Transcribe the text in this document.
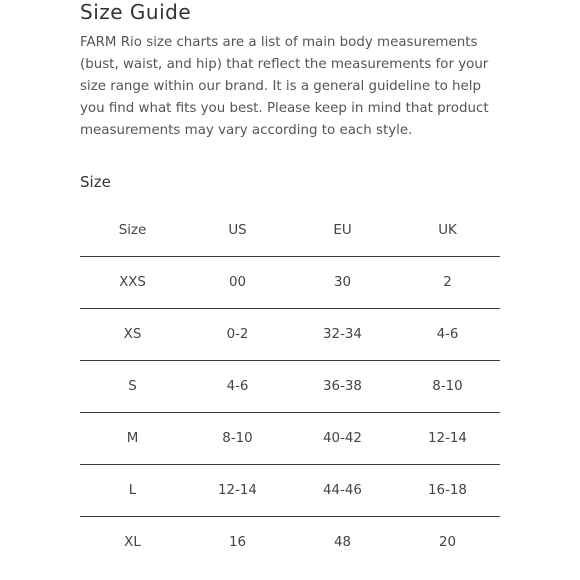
Size Guide

FARM Rio size charts are a list of main body measurements (bust, waist, and hip) that reflect the measurements for your size range within our brand. It is a general guideline to help you find what fits you best. Please keep in mind that product measurements may vary according to each style.

Size
Size	US	EU	UK
XXS	00	30	2
XS	0-2	32-34	4-6
S	4-6	36-38	8-10
M	8-10	40-42	12-14
L	12-14	44-46	16-18
XL	16	48	20
